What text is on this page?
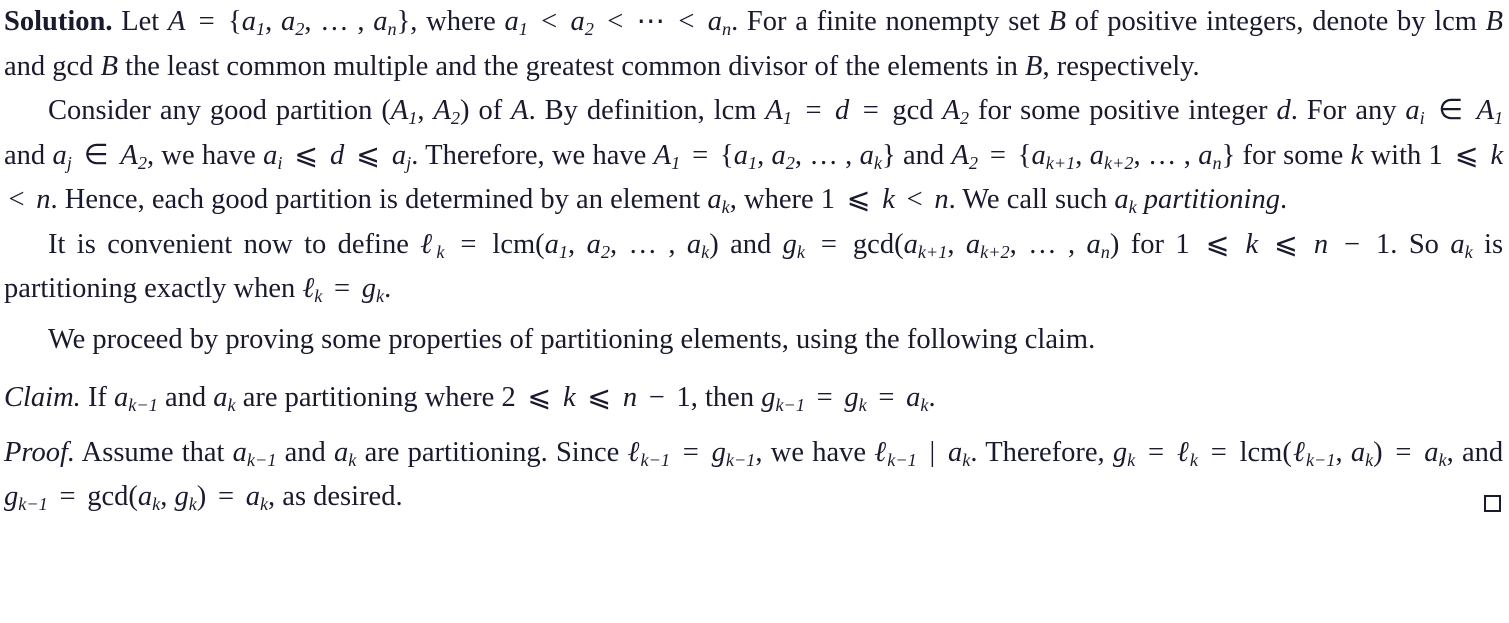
Solution. Let $A = \{a_1$, $a_2$, … , $a_n$}, where $a_1 < a_2$ < ⋯ < $a_n$. For a finite nonempty set B of positive integers, denote by lcm B and gcd B the least common multiple and the greatest common divisor of the elements in B, respectively.
Consider any good partition ($A_1$, $A_2$) of A. By definition, lcm $A_1 = d = \gcd A_2$ for some positive integer d. For any $a_i$ ∈ $A_1$ and $a_j$ ∈ $A_2$, we have $a_i$ ⩽ d ⩽ $a_j$. Therefore, we have $A_1 = \{a_1$, $a_2$, … , $a_k$} and $A_2 = \{a_{k+1}$, $a_{k+2}$, … , $a_n$} for some k with 1 ⩽ k < n. Hence, each good partition is determined by an element $a_k$, where 1 ⩽ k < n. We call such $a_k$ partitioning.
It is convenient now to define ℓ$_k$ = $lcm(a_1$, $a_2$, … , $a_k$) and $g_k = \gcd(a_{k+1}$, $a_{k+2}$, … , $a_n$) for 1 ⩽ k ⩽ n − 1. So $a_k$ is partitioning exactly when ℓ$_k$ = $g_k$.
We proceed by proving some properties of partitioning elements, using the following claim.
Claim. If $a_{k-1}$ and $a_k$ are partitioning where 2 ⩽ k ⩽ n − 1, then $g_{k-1} = g_k = a_k$.
Proof. Assume that $a_{k-1}$ and $a_k$ are partitioning. Since ℓ$_{k-1}$ = $g_{k-1}$, we have ℓ$_{k-1}$ | $a_k$. Therefore, $g_k$ = ℓ$_k$ = lcm(ℓ$_{k-1}$, $a_k) = a_k$, and $g_{k-1} = \gcd(a_k$, $g_k) = a_k$, as desired.
